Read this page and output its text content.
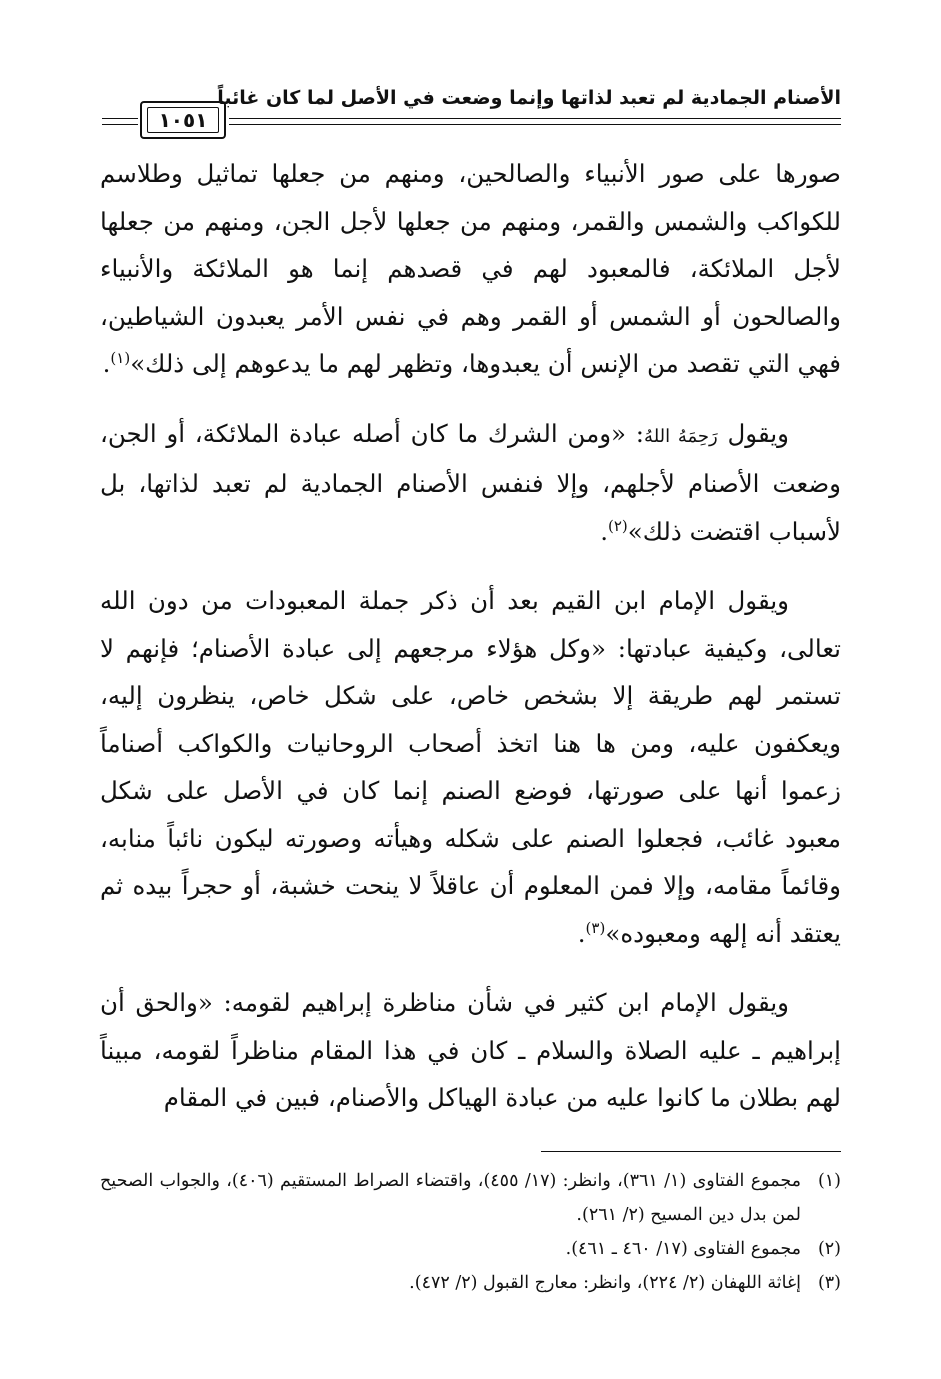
الأصنام الجمادية لم تعبد لذاتها وإنما وضعت في الأصل لما كان غائباً
١٠٥١

صورها على صور الأنبياء والصالحين، ومنهم من جعلها تماثيل وطلاسم للكواكب والشمس والقمر، ومنهم من جعلها لأجل الجن، ومنهم من جعلها لأجل الملائكة، فالمعبود لهم في قصدهم إنما هو الملائكة والأنبياء والصالحون أو الشمس أو القمر وهم في نفس الأمر يعبدون الشياطين، فهي التي تقصد من الإنس أن يعبدوها، وتظهر لهم ما يدعوهم إلى ذلك»$^{(١)}$.

ويقول رَحِمَهُ اللهُ: «ومن الشرك ما كان أصله عبادة الملائكة، أو الجن، وضعت الأصنام لأجلهم، وإلا فنفس الأصنام الجمادية لم تعبد لذاتها، بل لأسباب اقتضت ذلك»$^{(٢)}$.

ويقول الإمام ابن القيم بعد أن ذكر جملة المعبودات من دون الله تعالى، وكيفية عبادتها: «وكل هؤلاء مرجعهم إلى عبادة الأصنام؛ فإنهم لا تستمر لهم طريقة إلا بشخص خاص، على شكل خاص، ينظرون إليه، ويعكفون عليه، ومن ها هنا اتخذ أصحاب الروحانيات والكواكب أصناماً زعموا أنها على صورتها، فوضع الصنم إنما كان في الأصل على شكل معبود غائب، فجعلوا الصنم على شكله وهيأته وصورته ليكون نائباً منابه، وقائماً مقامه، وإلا فمن المعلوم أن عاقلاً لا ينحت خشبة، أو حجراً بيده ثم يعتقد أنه إلهه ومعبوده»$^{(٣)}$.

ويقول الإمام ابن كثير في شأن مناظرة إبراهيم لقومه: «والحق أن إبراهيم ـ عليه الصلاة والسلام ـ كان في هذا المقام مناظراً لقومه، مبيناً لهم بطلان ما كانوا عليه من عبادة الهياكل والأصنام، فبين في المقام

(١)
مجموع الفتاوى (١/ ٣٦١)، وانظر: (١٧/ ٤٥٥)، واقتضاء الصراط المستقيم (٤٠٦)، والجواب الصحيح لمن بدل دين المسيح (٢/ ٢٦١).
(٢)
مجموع الفتاوى (١٧/ ٤٦٠ ـ ٤٦١).
(٣)
إغاثة اللهفان (٢/ ٢٢٤)، وانظر: معارج القبول (٢/ ٤٧٢).
